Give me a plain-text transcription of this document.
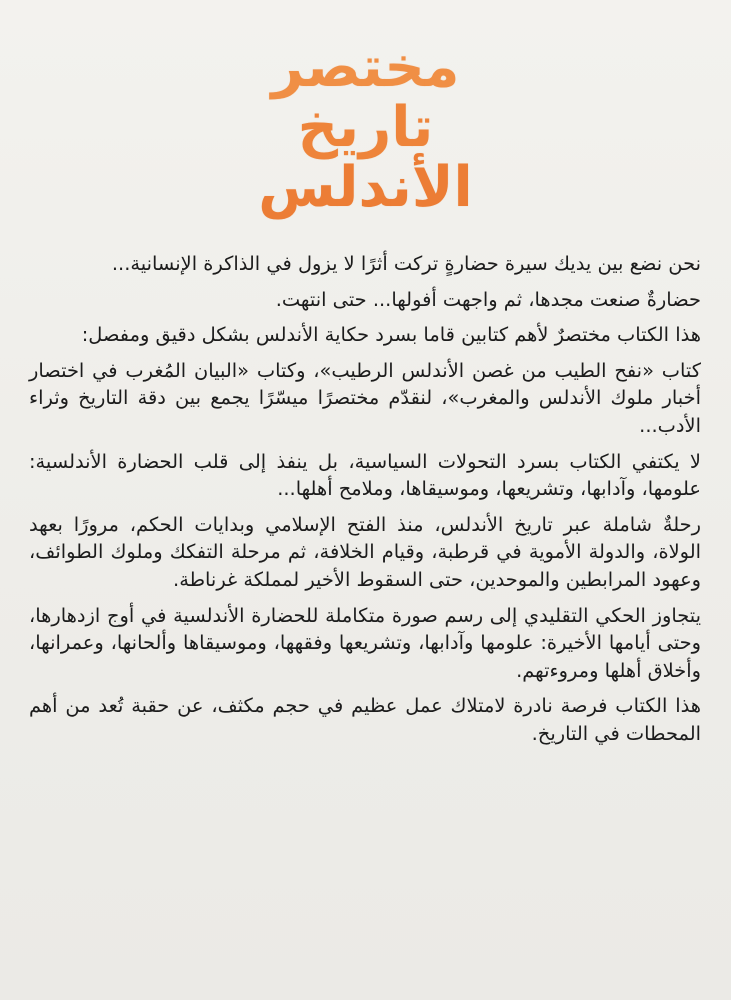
مختصر
تاريخ
الأندلس

نحن نضع بين يديك سيرة حضارةٍ تركت أثرًا لا يزول في الذاكرة الإنسانية...

حضارةٌ صنعت مجدها، ثم واجهت أفولها... حتى انتهت.

هذا الكتاب مختصرٌ لأهم كتابين قاما بسرد حكاية الأندلس بشكل دقيق ومفصل:

كتاب «نفح الطيب من غصن الأندلس الرطيب»، وكتاب «البيان المُغرب في اختصار أخبار ملوك الأندلس والمغرب»، لنقدّم مختصرًا ميسّرًا يجمع بين دقة التاريخ وثراء الأدب...

لا يكتفي الكتاب بسرد التحولات السياسية، بل ينفذ إلى قلب الحضارة الأندلسية: علومها، وآدابها، وتشريعها، وموسيقاها، وملامح أهلها...

رحلةٌ شاملة عبر تاريخ الأندلس، منذ الفتح الإسلامي وبدايات الحكم، مرورًا بعهد الولاة، والدولة الأموية في قرطبة، وقيام الخلافة، ثم مرحلة التفكك وملوك الطوائف، وعهود المرابطين والموحدين، حتى السقوط الأخير لمملكة غرناطة.

يتجاوز الحكي التقليدي إلى رسم صورة متكاملة للحضارة الأندلسية في أوج ازدهارها، وحتى أيامها الأخيرة: علومها وآدابها، وتشريعها وفقهها، وموسيقاها وألحانها، وعمرانها، وأخلاق أهلها ومروءتهم.

هذا الكتاب فرصة نادرة لامتلاك عمل عظيم في حجم مكثف، عن حقبة تُعد من أهم المحطات في التاريخ.
